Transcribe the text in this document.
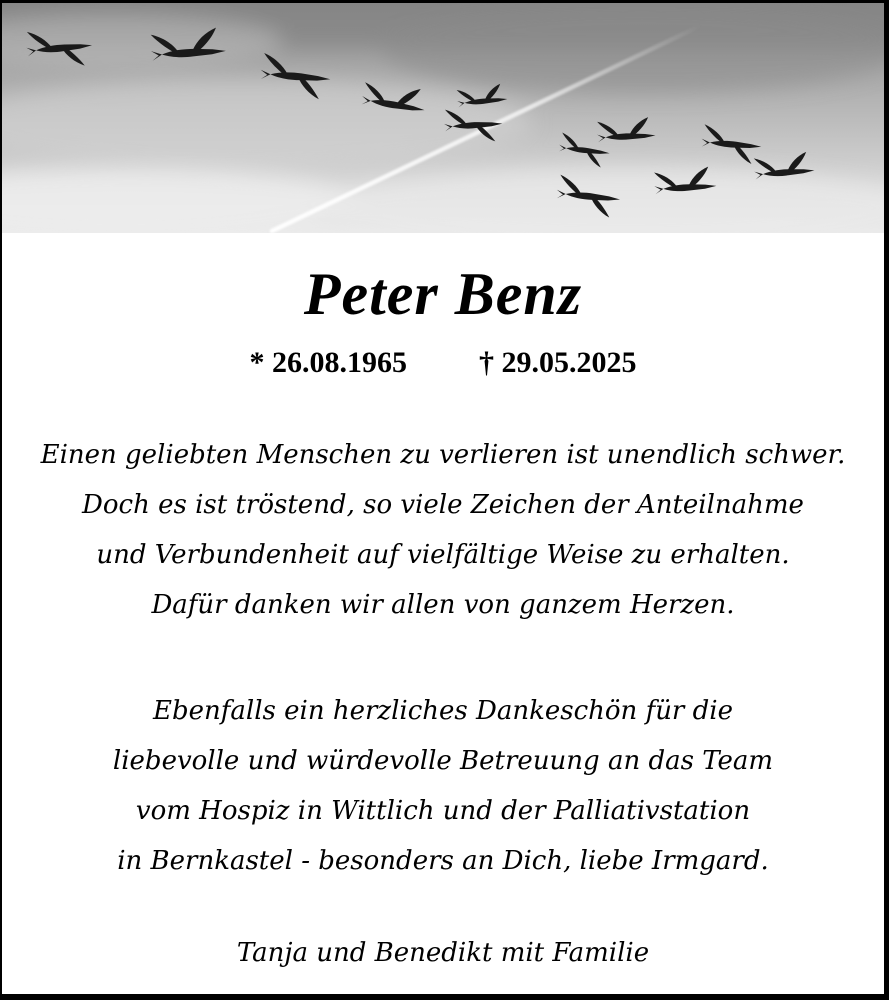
Peter Benz
* 26.08.1965 † 29.05.2025
Einen geliebten Menschen zu verlieren ist unendlich schwer.
Doch es ist tröstend, so viele Zeichen der Anteilnahme
und Verbundenheit auf vielfältige Weise zu erhalten.
Dafür danken wir allen von ganzem Herzen.
Ebenfalls ein herzliches Dankeschön für die
liebevolle und würdevolle Betreuung an das Team
vom Hospiz in Wittlich und der Palliativstation
in Bernkastel - besonders an Dich, liebe Irmgard.
Tanja und Benedikt mit Familie
